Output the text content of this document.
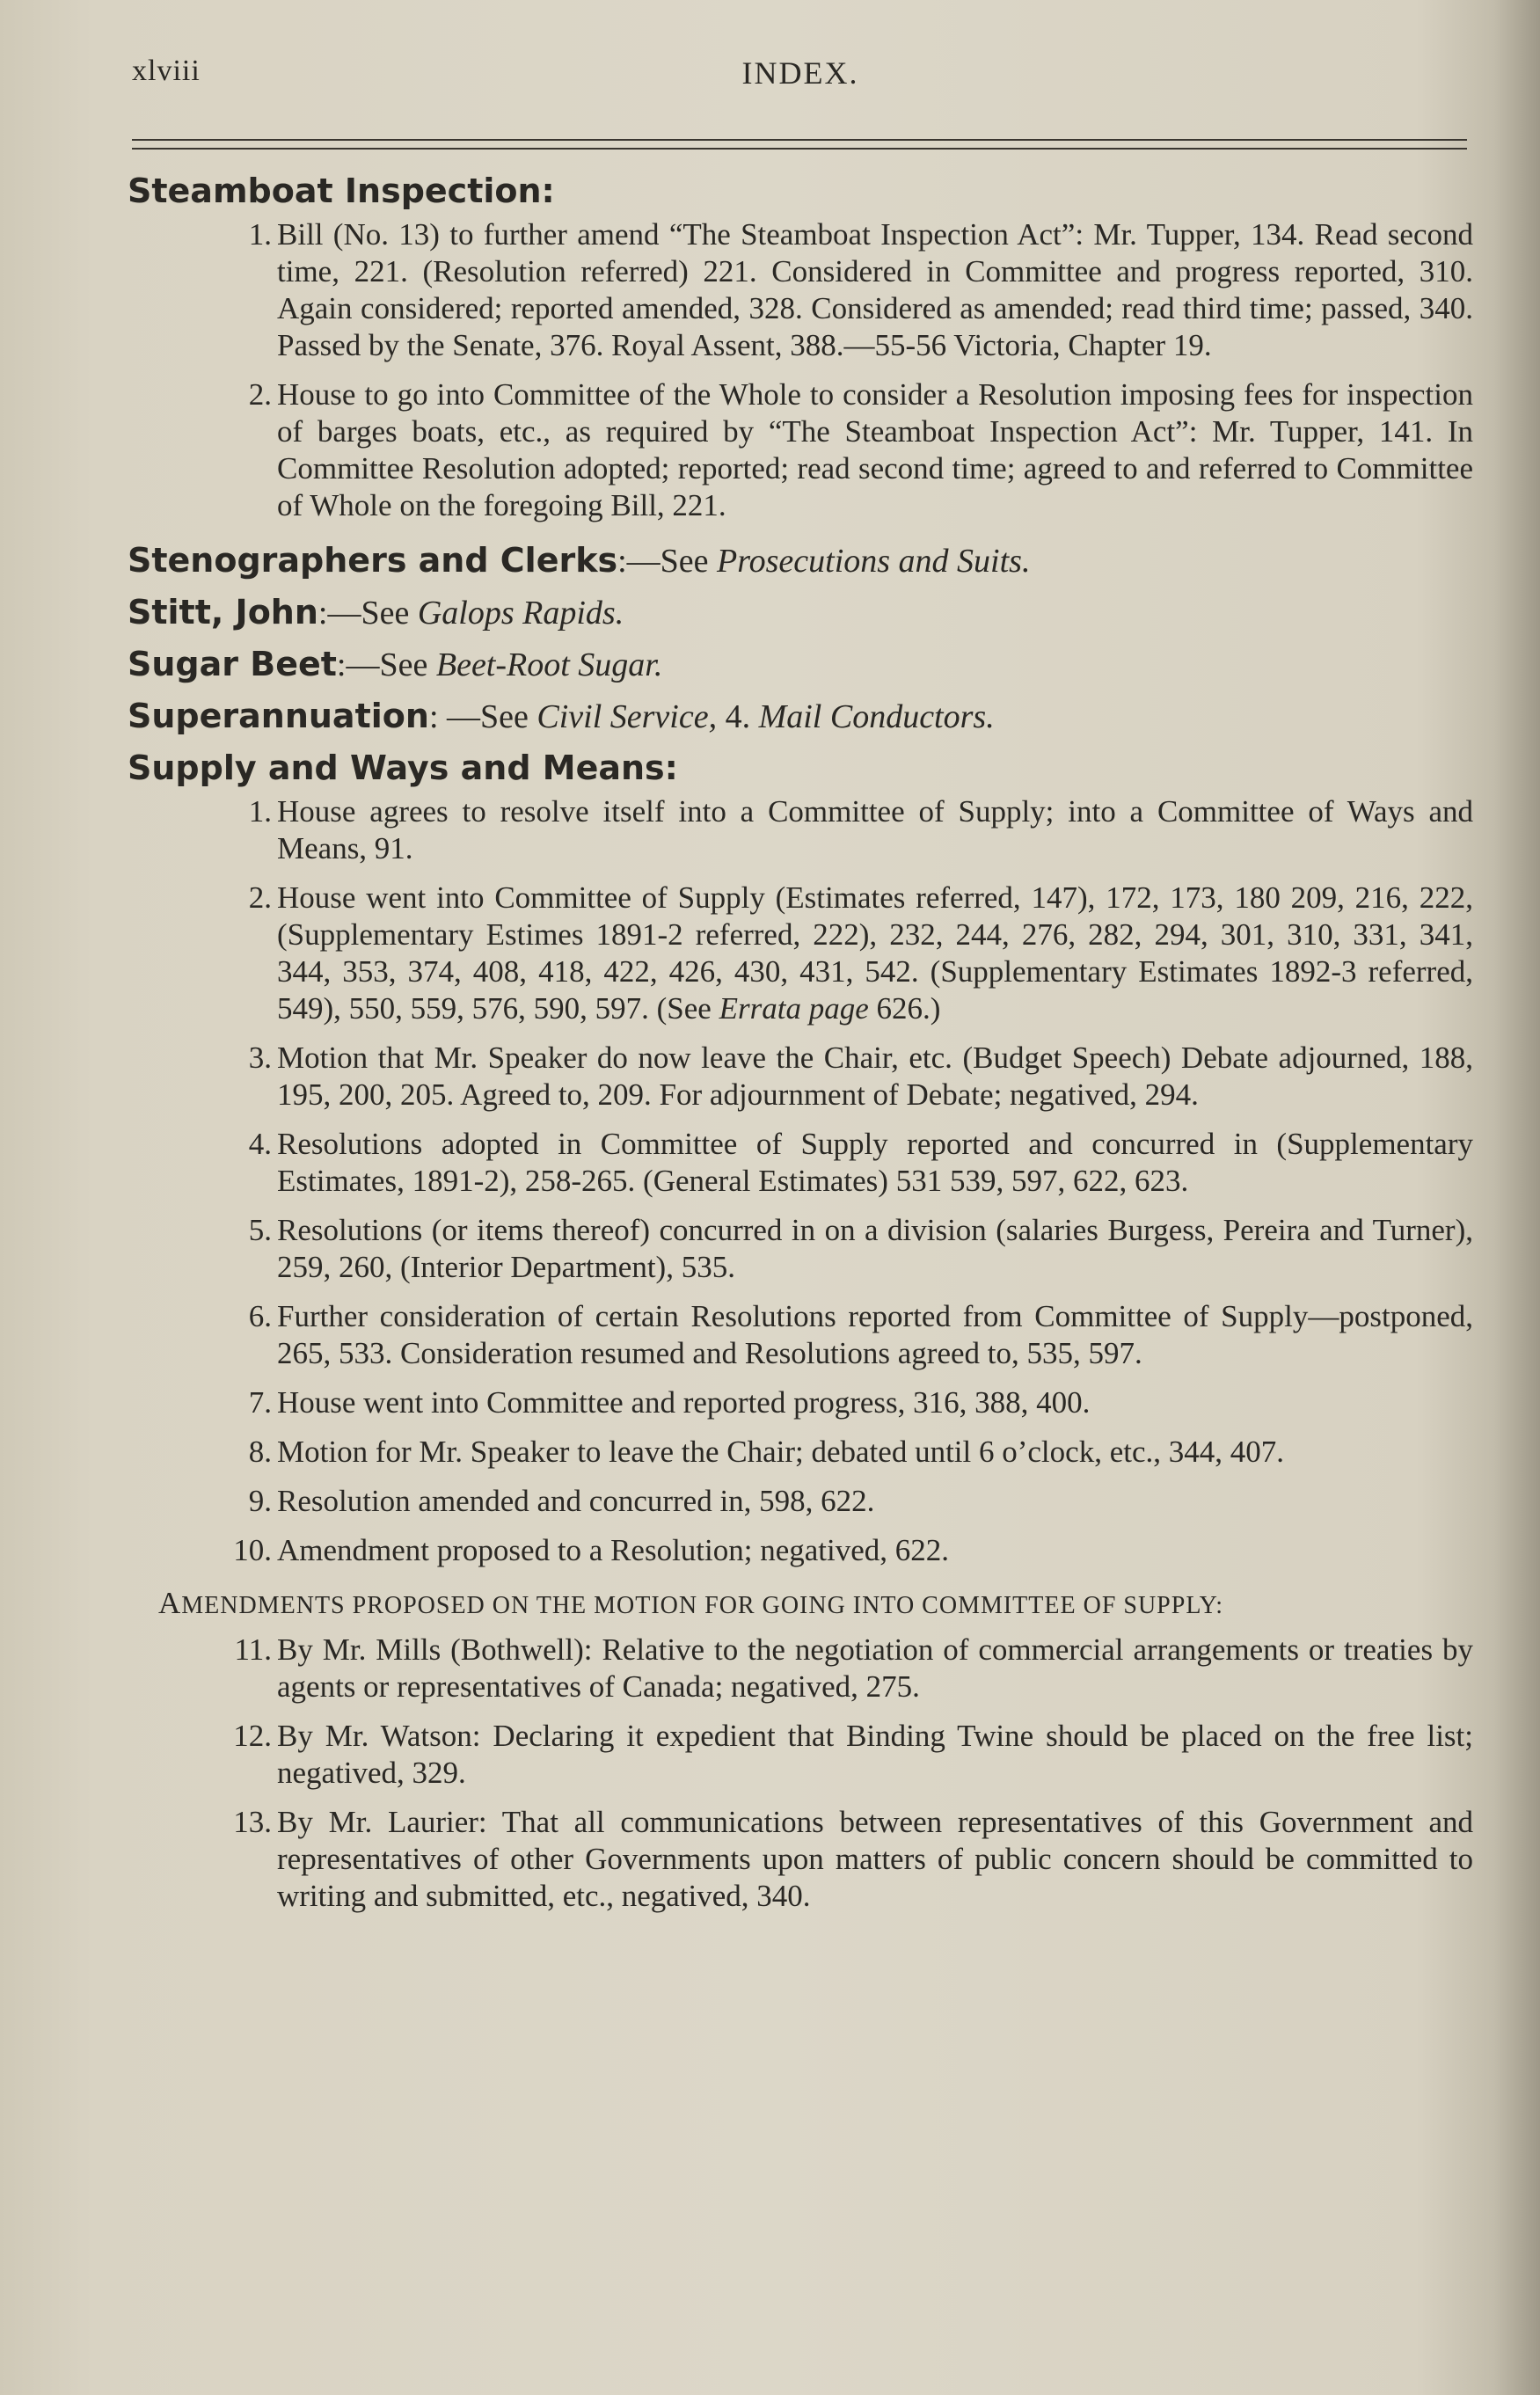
xlviii	INDEX.

Steamboat Inspection:

1 . Bill (No. 13) to further amend “The Steamboat Inspection Act”: Mr. Tupper, 134. Read second time, 221. (Resolution referred) 221. Considered in Committee and progress reported, 310. Again considered; reported amended, 328. Considered as amended; read third time; passed, 340. Passed by the Senate, 376. Royal Assent, 388.—55-56 Victoria, Chapter 19.
2 . House to go into Committee of the Whole to consider a Resolution imposing fees for inspection of barges boats, etc., as required by “The Steamboat Inspection Act”: Mr. Tupper, 141. In Committee Resolution adopted; reported; read second time; agreed to and referred to Committee of Whole on the foregoing Bill, 221.

Stenographers and Clerks:—See Prosecutions and Suits.

Stitt, John:—See Galops Rapids.

Sugar Beet:—See Beet-Root Sugar.

Superannuation: —See Civil Service, 4. Mail Conductors.

Supply and Ways and Means:

1 . House agrees to resolve itself into a Committee of Supply; into a Committee of Ways and Means, 91.
2 . House went into Committee of Supply (Estimates referred, 147), 172, 173, 180 209, 216, 222, (Supplementary Estimes 1891-2 referred, 222), 232, 244, 276, 282, 294, 301, 310, 331, 341, 344, 353, 374, 408, 418, 422, 426, 430, 431, 542. (Supplementary Estimates 1892-3 referred, 549), 550, 559, 576, 590, 597. (See Errata page 626.)
3 . Motion that Mr. Speaker do now leave the Chair, etc. (Budget Speech) Debate adjourned, 188, 195, 200, 205. Agreed to, 209. For adjournment of Debate; negatived, 294.
4 . Resolutions adopted in Committee of Supply reported and concurred in (Supplementary Estimates, 1891-2), 258-265. (General Estimates) 531 539, 597, 622, 623.
5 . Resolutions (or items thereof) concurred in on a division (salaries Burgess, Pereira and Turner), 259, 260, (Interior Department), 535.
6 . Further consideration of certain Resolutions reported from Committee of Supply—postponed, 265, 533. Consideration resumed and Resolutions agreed to, 535, 597.
7 . House went into Committee and reported progress, 316, 388, 400.
8 . Motion for Mr. Speaker to leave the Chair; debated until 6 o’clock, etc., 344, 407.
9 . Resolution amended and concurred in, 598, 622.
10 . Amendment proposed to a Resolution; negatived, 622.

AMENDMENTS PROPOSED ON THE MOTION FOR GOING INTO COMMITTEE OF SUPPLY:

11 . By Mr. Mills (Bothwell): Relative to the negotiation of commercial arrangements or treaties by agents or representatives of Canada; negatived, 275.
12 . By Mr. Watson: Declaring it expedient that Binding Twine should be placed on the free list; negatived, 329.
13 . By Mr. Laurier: That all communications between representatives of this Government and representatives of other Governments upon matters of public concern should be committed to writing and submitted, etc., negatived, 340.
